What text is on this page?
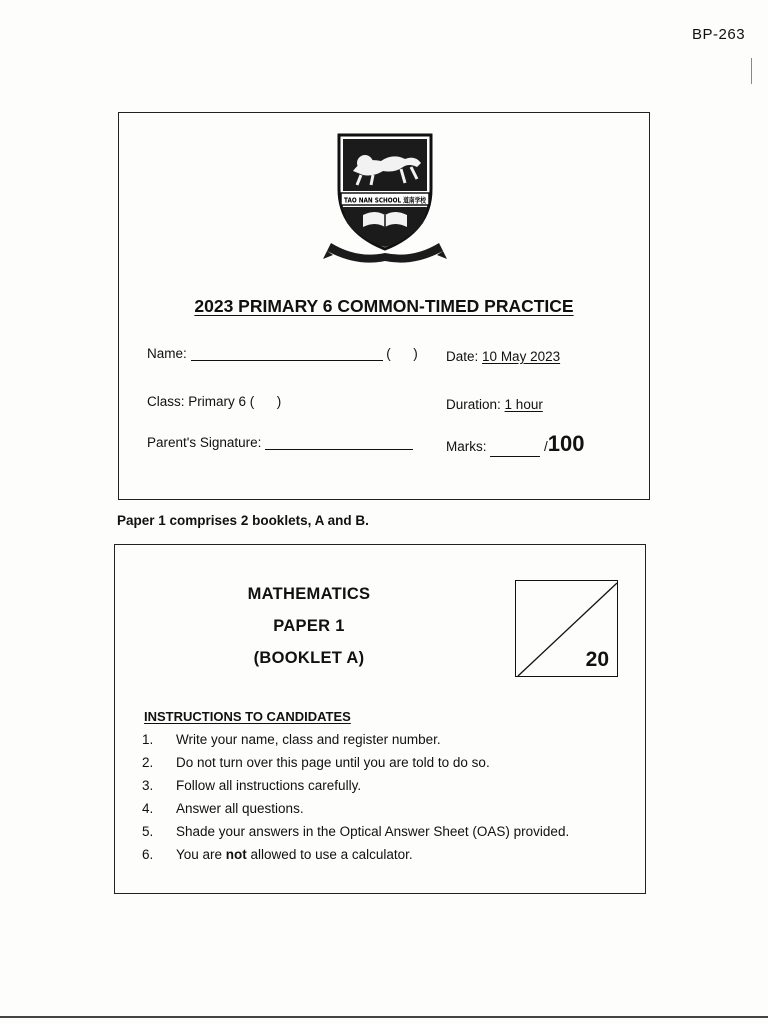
BP-263
TAO NAN SCHOOL 道南学校
2023 PRIMARY 6 COMMON-TIMED PRACTICE
Name:	(      ) Date: 10 May 2023
Class: Primary 6 (      )	Duration: 1 hour
Parent's Signature:	Marks:	/100
Paper 1 comprises 2 booklets, A and B.
MATHEMATICS
PAPER 1
(BOOKLET A)	20
INSTRUCTIONS TO CANDIDATES
1.	Write your name, class and register number.
2.	Do not turn over this page until you are told to do so.
3.	Follow all instructions carefully.
4.	Answer all questions.
5.	Shade your answers in the Optical Answer Sheet (OAS) provided.
6.	You are not allowed to use a calculator.
